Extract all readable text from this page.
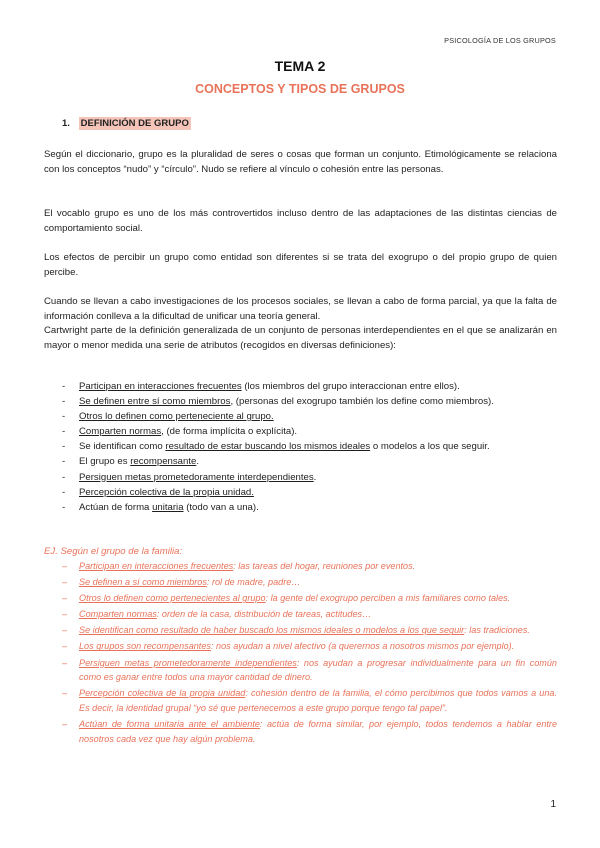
PSICOLOGÍA DE LOS GRUPOS
TEMA 2
CONCEPTOS Y TIPOS DE GRUPOS
1. DEFINICIÓN DE GRUPO

Según el diccionario, grupo es la pluralidad de seres o cosas que forman un conjunto. Etimológicamente se relaciona con los conceptos “nudo” y “círculo”. Nudo se refiere al vínculo o cohesión entre las personas.

El vocablo grupo es uno de los más controvertidos incluso dentro de las adaptaciones de las distintas ciencias de comportamiento social.

Los efectos de percibir un grupo como entidad son diferentes si se trata del exogrupo o del propio grupo de quien percibe.

Cuando se llevan a cabo investigaciones de los procesos sociales, se llevan a cabo de forma parcial, ya que la falta de información conlleva a la dificultad de unificar una teoría general.

Cartwright parte de la definición generalizada de un conjunto de personas interdependientes en el que se analizarán en mayor o menor medida una serie de atributos (recogidos en diversas definiciones):

- Participan en interacciones frecuentes (los miembros del grupo interaccionan entre ellos).
- Se definen entre sí como miembros, (personas del exogrupo también los define como miembros).
- Otros lo definen como perteneciente al grupo.
- Comparten normas, (de forma implícita o explícita).
- Se identifican como resultado de estar buscando los mismos ideales o modelos a los que seguir.
- El grupo es recompensante.
- Persiguen metas prometedoramente interdependientes.
- Percepción colectiva de la propia unidad.
- Actúan de forma unitaria (todo van a una).
EJ. Según el grupo de la familia:
– Participan en interacciones frecuentes: las tareas del hogar, reuniones por eventos.
– Se definen a sí como miembros: rol de madre, padre…
– Otros lo definen como pertenecientes al grupo: la gente del exogrupo perciben a mis familiares como tales.
– Comparten normas: orden de la casa, distribución de tareas, actitudes…
– Se identifican como resultado de haber buscado los mismos ideales o modelos a los que seguir: las tradiciones.
– Los grupos son recompensantes: nos ayudan a nivel afectivo (a querernos a nosotros mismos por ejemplo).
– Persiguen metas prometedoramente independientes: nos ayudan a progresar individualmente para un fin común como es ganar entre todos una mayor cantidad de dinero.
– Percepción colectiva de la propia unidad: cohesión dentro de la familia, el cómo percibimos que todos vamos a una. Es decir, la identidad grupal “yo sé que pertenecemos a este grupo porque tengo tal papel”.
– Actúan de forma unitaria ante el ambiente: actúa de forma similar, por ejemplo, todos tendemos a hablar entre nosotros cada vez que hay algún problema.
1
